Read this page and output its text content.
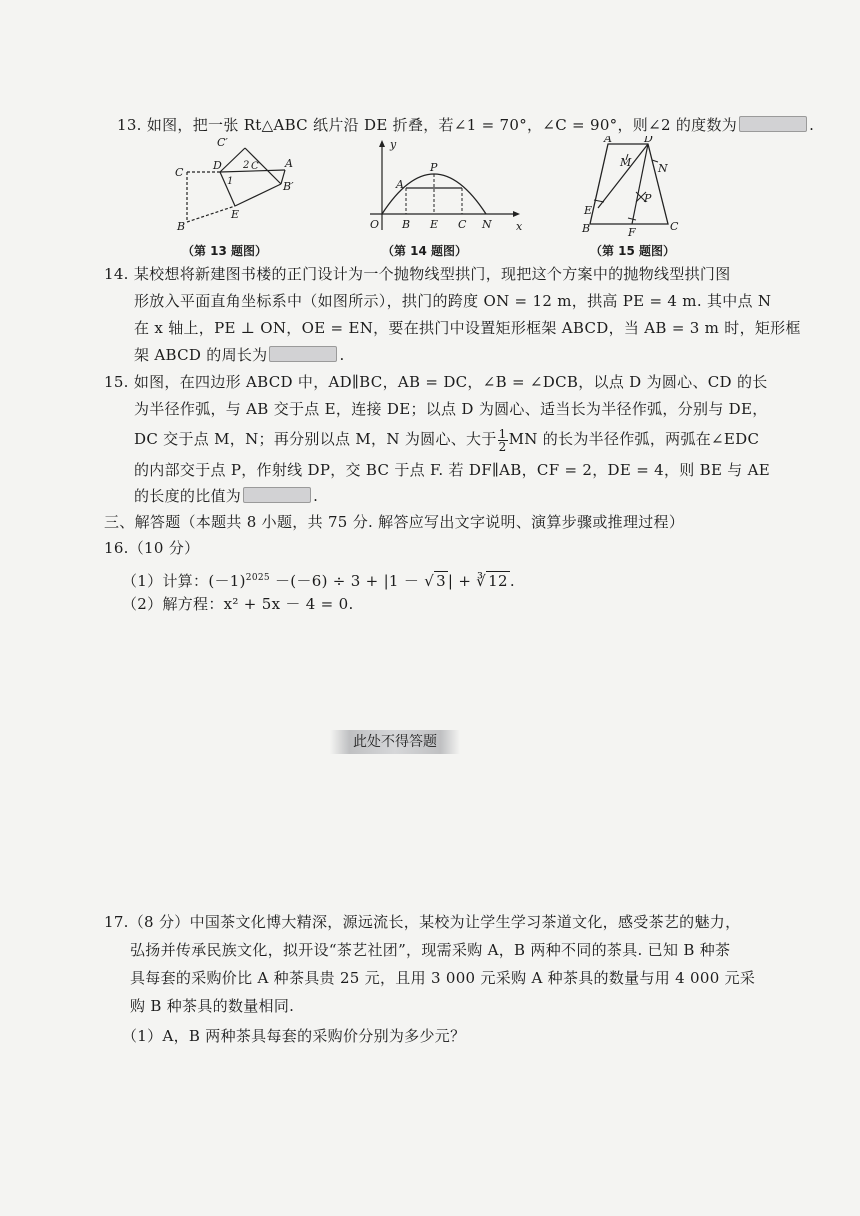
13. 如图，把一张 Rt△ABC 纸片沿 DE 折叠，若∠1 = 70°，∠C = 90°，则∠2 的度数为	.
C′
C
D 2 C A
1	B′
E
B
（第 13 题图）
y
A
P
O B E C N x
（第 14 题图）
A	D
M N
P
E
B	F	C
（第 15 题图）
14. 某校想将新建图书楼的正门设计为一个抛物线型拱门，现把这个方案中的抛物线型拱门图
形放入平面直角坐标系中（如图所示），拱门的跨度 ON = 12 m，拱高 PE = 4 m. 其中点 N
在 x 轴上，PE ⊥ ON，OE = EN，要在拱门中设置矩形框架 ABCD，当 AB = 3 m 时，矩形框
架 ABCD 的周长为	.
15. 如图，在四边形 ABCD 中，AD∥BC，AB = DC，∠B = ∠DCB，以点 D 为圆心、CD 的长
为半径作弧，与 AB 交于点 E，连接 DE；以点 D 为圆心、适当长为半径作弧，分别与 DE，
DC 交于点 M，N；再分别以点 M，N 为圆心、大于 $\frac{1}{2}$ MN 的长为半径作弧，两弧在∠EDC
的内部交于点 P，作射线 DP，交 BC 于点 F. 若 DF∥AB，CF = 2，DE = 4，则 BE 与 AE
的长度的比值为	.
三、解答题（本题共 8 小题，共 75 分. 解答应写出文字说明、演算步骤或推理过程）
16.（10 分）
（1）计算：$(-1)^{2025} -(-6) \div 3 + |1$ － √ 3 | + ∛ 12 .
（2）解方程：x² + 5x － 4 = 0.
此处不得答题
17.（8 分）中国茶文化博大精深，源远流长，某校为让学生学习茶道文化，感受茶艺的魅力，
弘扬并传承民族文化，拟开设“茶艺社团”，现需采购 A，B 两种不同的茶具. 已知 B 种茶
具每套的采购价比 A 种茶具贵 25 元，且用 3 000 元采购 A 种茶具的数量与用 4 000 元采
购 B 种茶具的数量相同.
（1）A，B 两种茶具每套的采购价分别为多少元？
